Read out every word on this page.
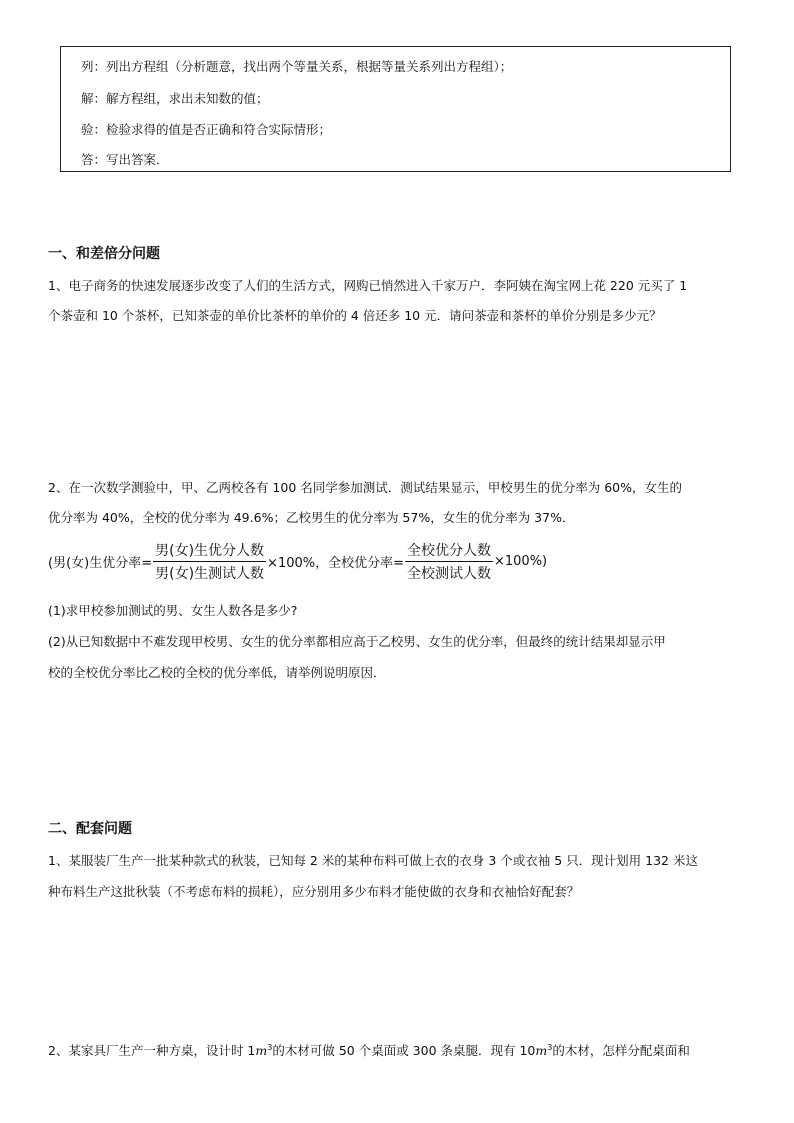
列：列出方程组（分析题意，找出两个等量关系，根据等量关系列出方程组）；
解：解方程组，求出未知数的值；
验：检验求得的值是否正确和符合实际情形；
答：写出答案．
一、和差倍分问题
1、电子商务的快速发展逐步改变了人们的生活方式，网购已悄然进入千家万户．李阿姨在淘宝网上花 220 元买了 1
个茶壶和 10 个茶杯，已知茶壶的单价比茶杯的单价的 4 倍还多 10 元．请问茶壶和茶杯的单价分别是多少元？
2、在一次数学测验中，甲、乙两校各有 100 名同学参加测试．测试结果显示，甲校男生的优分率为 60%，女生的
优分率为 40%，全校的优分率为 49.6%；乙校男生的优分率为 57%，女生的优分率为 37%．
(男(女)生优分率= $\frac{\text{男(女)生优分人数}}{\text{男(女)生测试人数}} \times 100\%$，全校优分率= $\frac{\text{全校优分人数}}{\text{全校测试人数}} \times 100\%$)
(1)求甲校参加测试的男、女生人数各是多少?
(2)从已知数据中不难发现甲校男、女生的优分率都相应高于乙校男、女生的优分率，但最终的统计结果却显示甲
校的全校优分率比乙校的全校的优分率低，请举例说明原因．
二、配套问题
1、某服装厂生产一批某种款式的秋装，已知每 2 米的某种布料可做上衣的衣身 3 个或衣袖 5 只．现计划用 132 米这
种布料生产这批秋装（不考虑布料的损耗），应分别用多少布料才能使做的衣身和衣袖恰好配套？
2、某家具厂生产一种方桌，设计时 $1m^3$的木材可做 50 个桌面或 300 条桌腿．现有 $10m^3$的木材，怎样分配桌面和
